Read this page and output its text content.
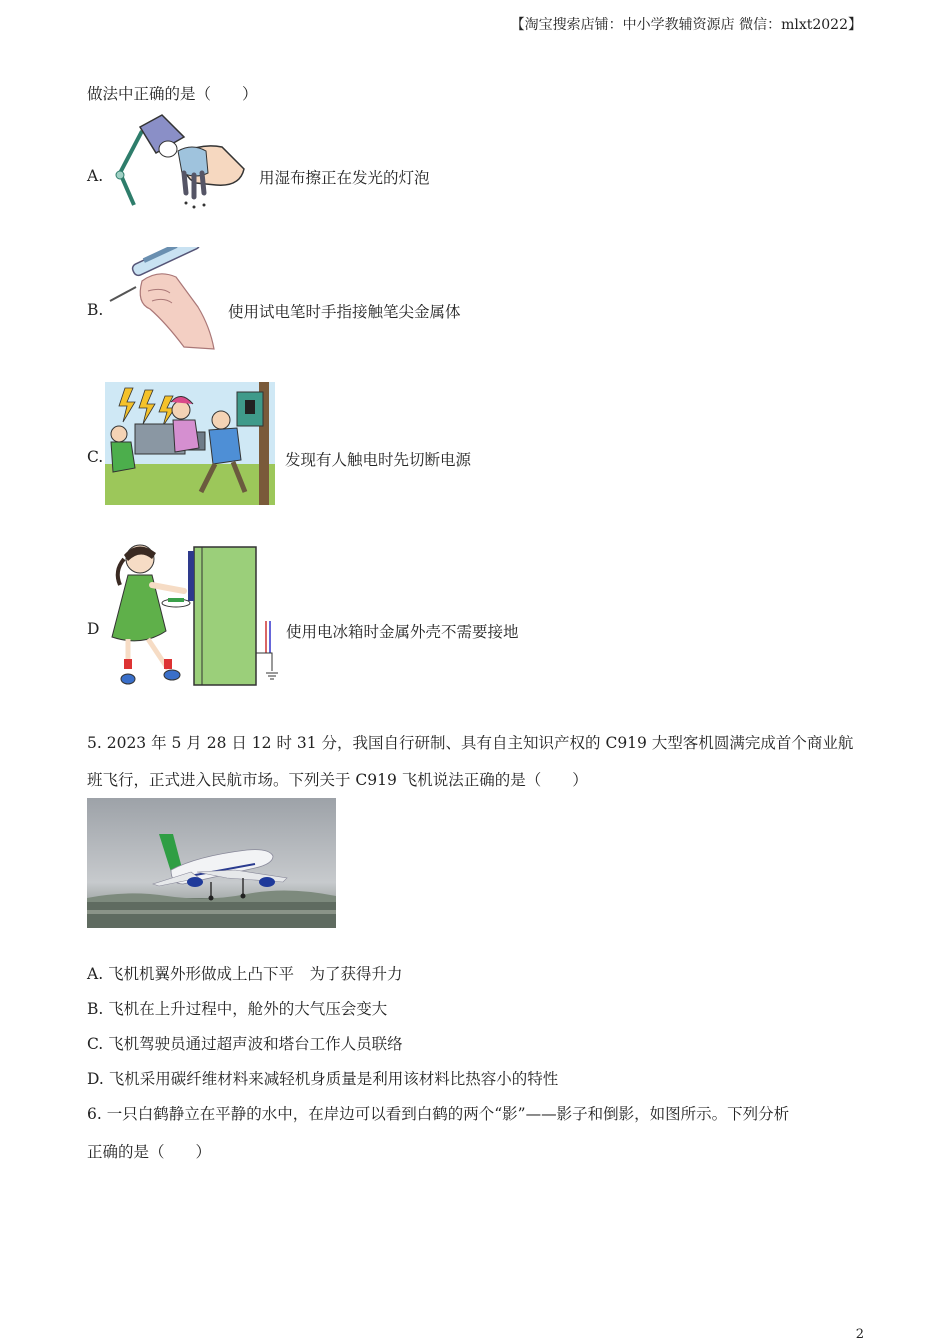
【淘宝搜索店铺：中小学教辅资源店 微信：mlxt2022】
做法中正确的是（　　）
A.	用湿布擦正在发光的灯泡
B.	使用试电笔时手指接触笔尖金属体
C.	发现有人触电时先切断电源
D	使用电冰箱时金属外壳不需要接地
5. 2023 年 5 月 28 日 12 时 31 分，我国自行研制、具有自主知识产权的 C919 大型客机圆满完成首个商业航
班飞行，正式进入民航市场。下列关于 C919 飞机说法正确的是（　　）
A. 飞机机翼外形做成上凸下平　为了获得升力
B. 飞机在上升过程中，舱外的大气压会变大
C. 飞机驾驶员通过超声波和塔台工作人员联络
D. 飞机采用碳纤维材料来减轻机身质量是利用该材料比热容小的特性
6. 一只白鹤静立在平静的水中，在岸边可以看到白鹤的两个“影”——影子和倒影，如图所示。下列分析
正确的是（　　）
2
